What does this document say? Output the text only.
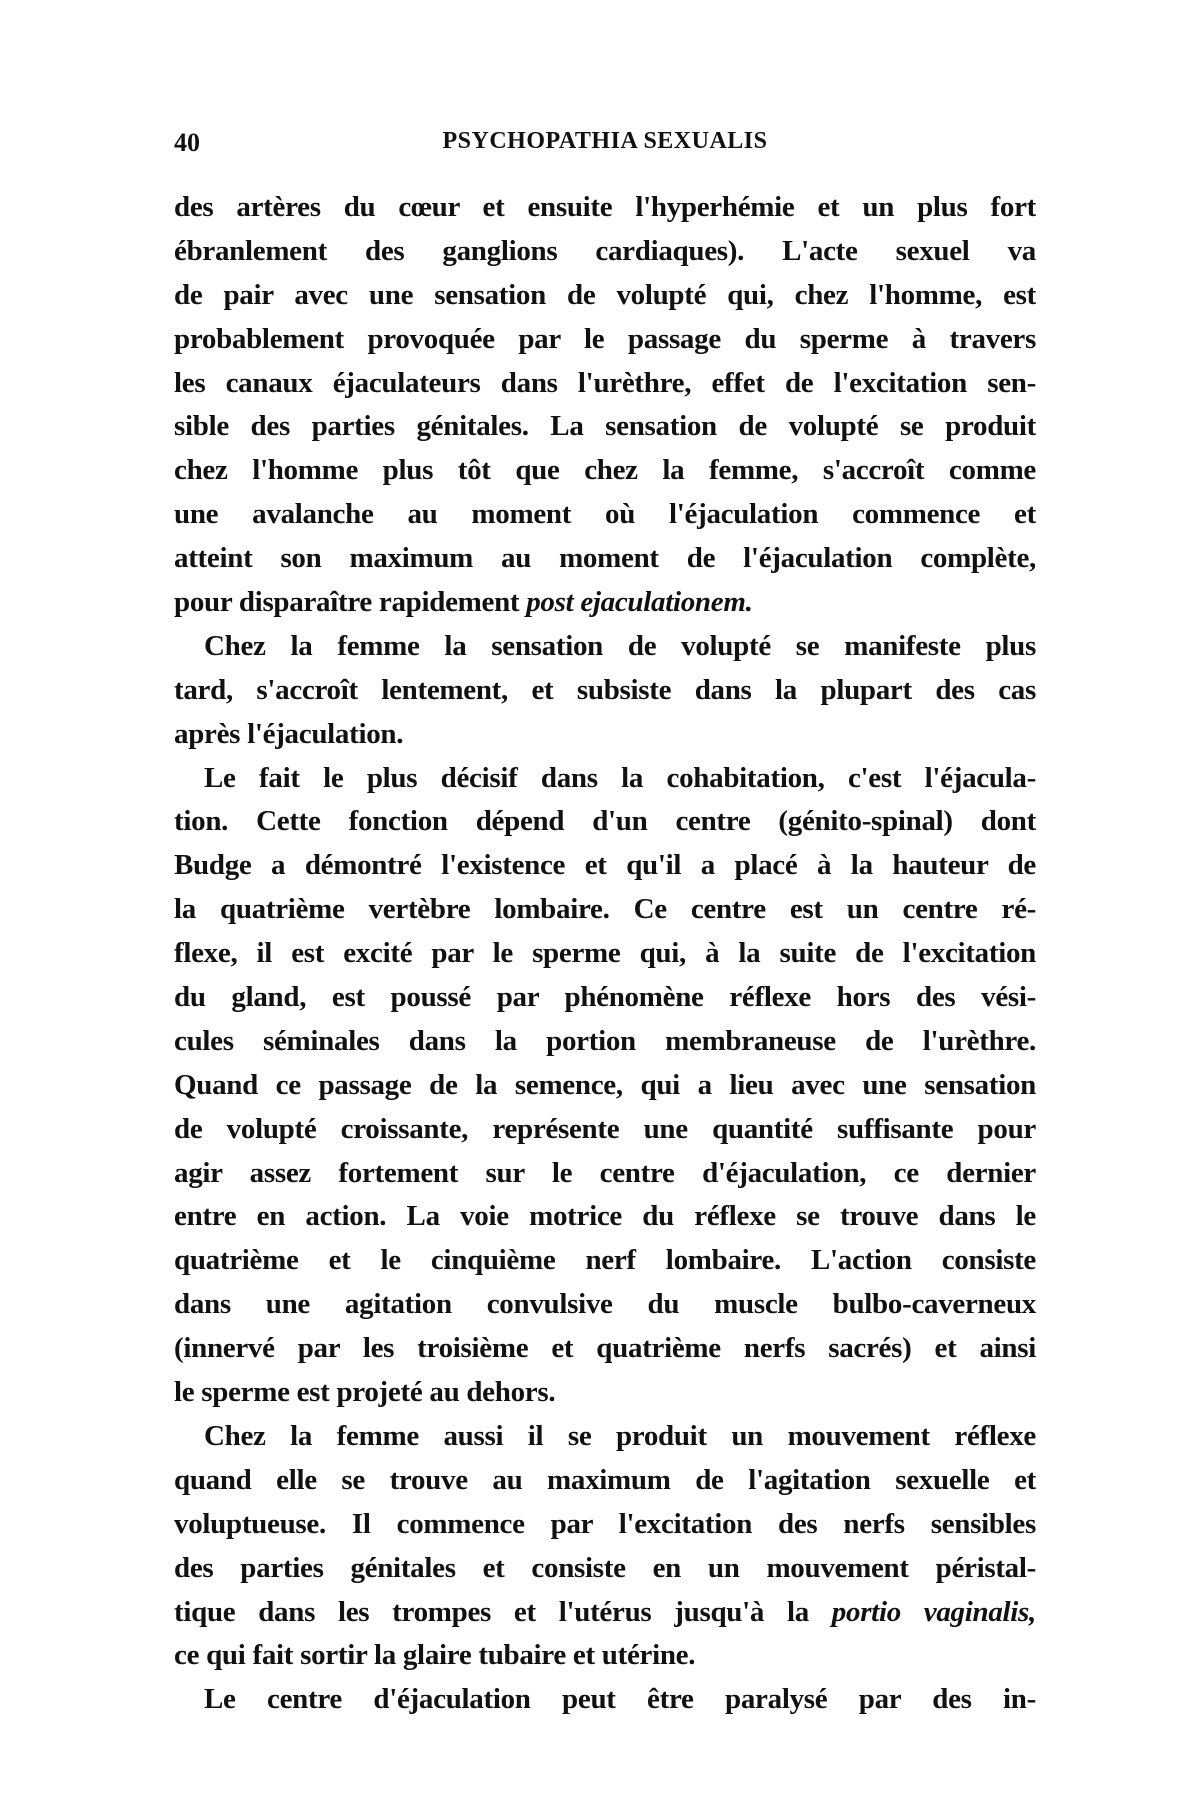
40	PSYCHOPATHIA SEXUALIS
des artères du cœur et ensuite l'hyperhémie et un plus fort
ébranlement des ganglions cardiaques). L'acte sexuel va
de pair avec une sensation de volupté qui, chez l'homme, est
probablement provoquée par le passage du sperme à travers
les canaux éjaculateurs dans l'urèthre, effet de l'excitation sen-
sible des parties génitales. La sensation de volupté se produit
chez l'homme plus tôt que chez la femme, s'accroît comme
une avalanche au moment où l'éjaculation commence et
atteint son maximum au moment de l'éjaculation complète,
pour disparaître rapidement post ejaculationem.
Chez la femme la sensation de volupté se manifeste plus
tard, s'accroît lentement, et subsiste dans la plupart des cas
après l'éjaculation.
Le fait le plus décisif dans la cohabitation, c'est l'éjacula-
tion. Cette fonction dépend d'un centre (génito-spinal) dont
Budge a démontré l'existence et qu'il a placé à la hauteur de
la quatrième vertèbre lombaire. Ce centre est un centre ré-
flexe, il est excité par le sperme qui, à la suite de l'excitation
du gland, est poussé par phénomène réflexe hors des vési-
cules séminales dans la portion membraneuse de l'urèthre.
Quand ce passage de la semence, qui a lieu avec une sensation
de volupté croissante, représente une quantité suffisante pour
agir assez fortement sur le centre d'éjaculation, ce dernier
entre en action. La voie motrice du réflexe se trouve dans le
quatrième et le cinquième nerf lombaire. L'action consiste
dans une agitation convulsive du muscle bulbo-caverneux
(innervé par les troisième et quatrième nerfs sacrés) et ainsi
le sperme est projeté au dehors.
Chez la femme aussi il se produit un mouvement réflexe
quand elle se trouve au maximum de l'agitation sexuelle et
voluptueuse. Il commence par l'excitation des nerfs sensibles
des parties génitales et consiste en un mouvement péristal-
tique dans les trompes et l'utérus jusqu'à la portio vaginalis,
ce qui fait sortir la glaire tubaire et utérine.
Le centre d'éjaculation peut être paralysé par des in-
